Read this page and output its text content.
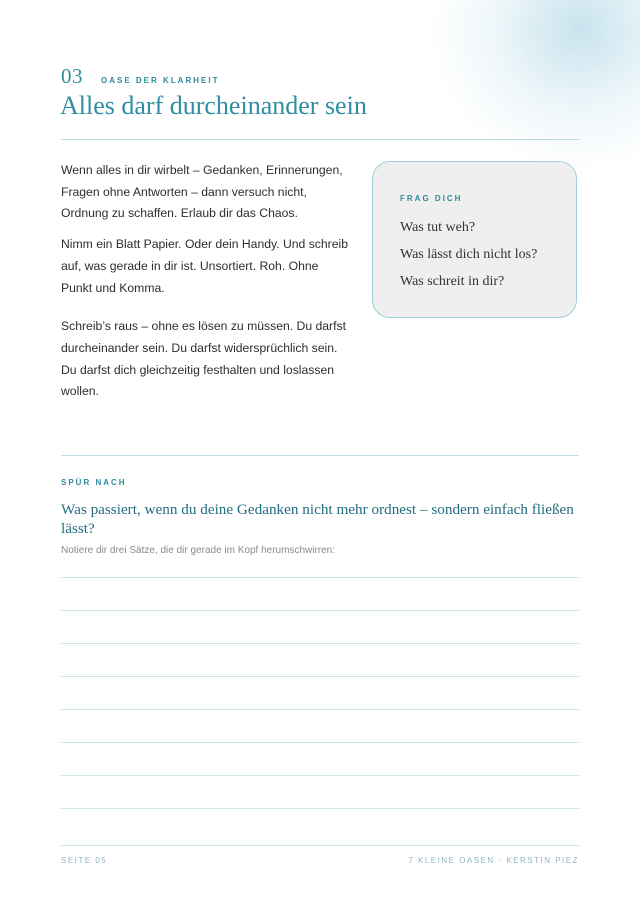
03 OASE DER KLARHEIT
Alles darf durcheinander sein

Wenn alles in dir wirbelt – Gedanken, Erinnerungen, Fragen ohne Antworten – dann versuch nicht, Ordnung zu schaffen. Erlaub dir das Chaos.

Nimm ein Blatt Papier. Oder dein Handy. Und schreib auf, was gerade in dir ist. Unsortiert. Roh. Ohne Punkt und Komma.

Schreib’s raus – ohne es lösen zu müssen. Du darfst durcheinander sein. Du darfst widersprüchlich sein. Du darfst dich gleichzeitig festhalten und loslassen wollen.

FRAG DICH
Was tut weh?
Was lässt dich nicht los?
Was schreit in dir?
SPÜR NACH
Was passiert, wenn du deine Gedanken nicht mehr ordnest – sondern einfach fließen lässt?
Notiere dir drei Sätze, die dir gerade im Kopf herumschwirren:
SEITE 05	7 KLEINE OASEN · KERSTIN PIEZ
